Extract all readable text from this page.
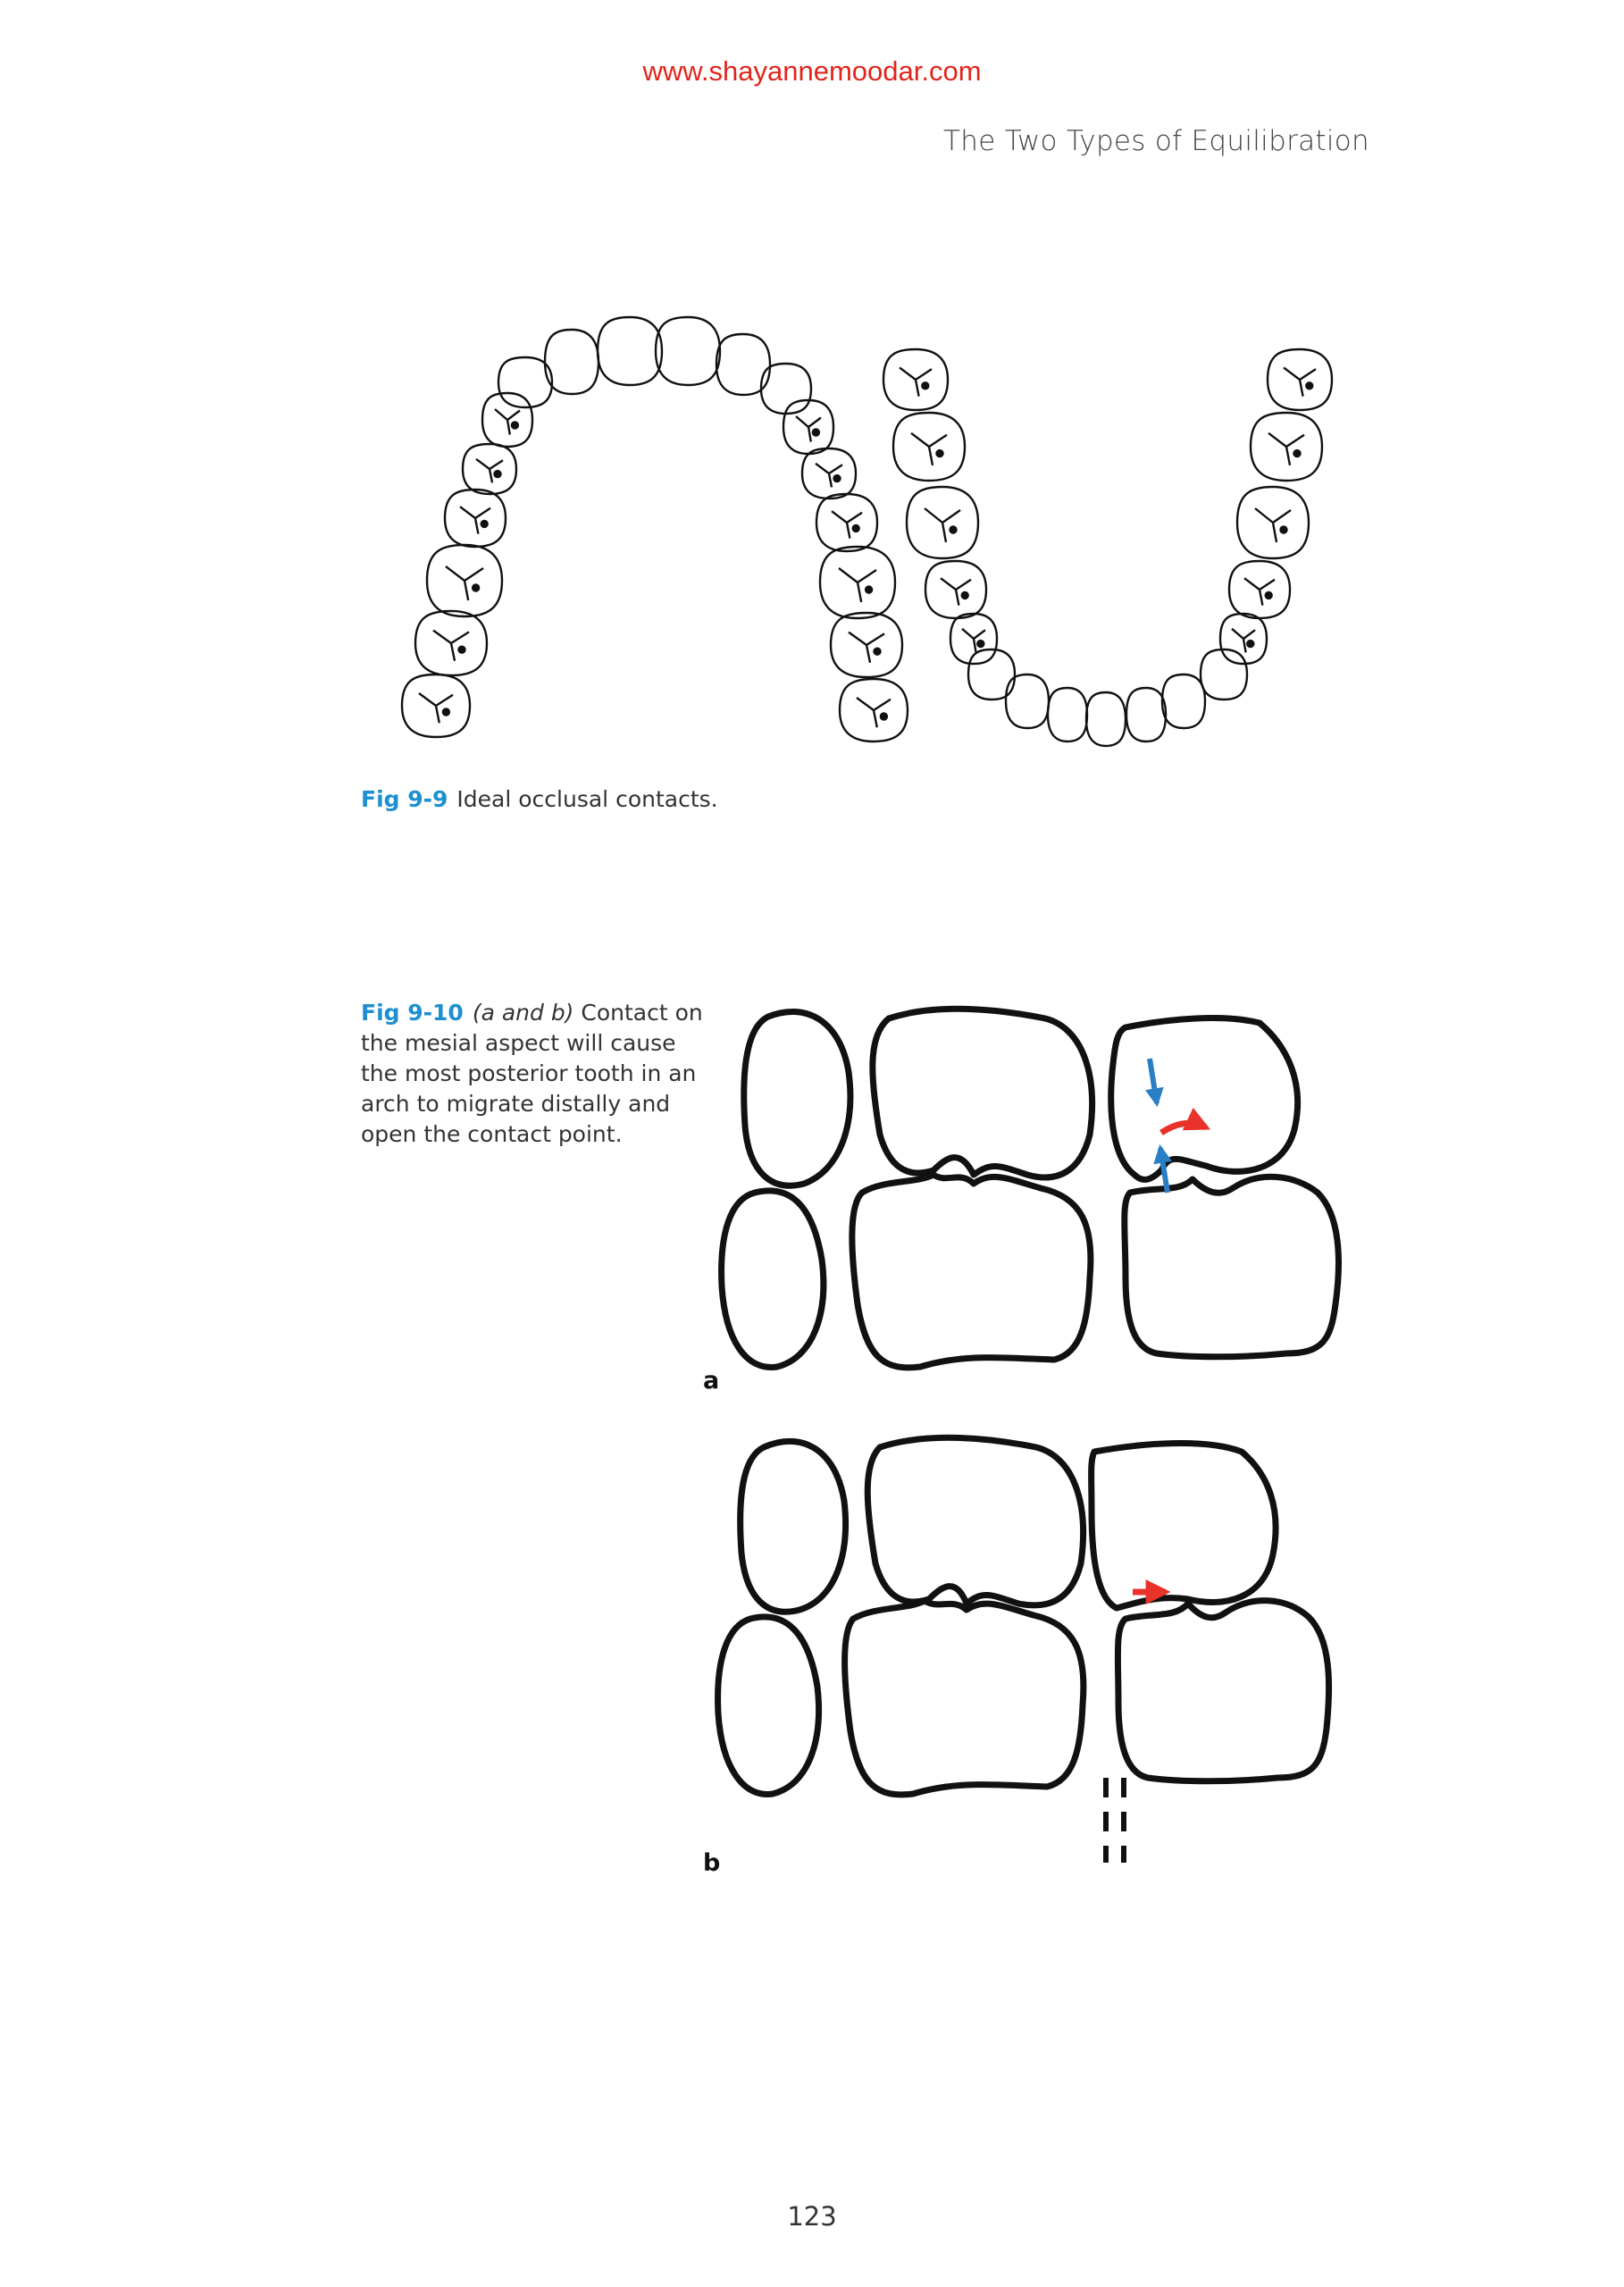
www.shayannemoodar.com
The Two Types of Equilibration
Fig 9-9 Ideal occlusal contacts.
Fig 9-10 (a and b) Contact on the mesial aspect will cause the most posterior tooth in an arch to migrate distally and open the contact point.
a
b
123
